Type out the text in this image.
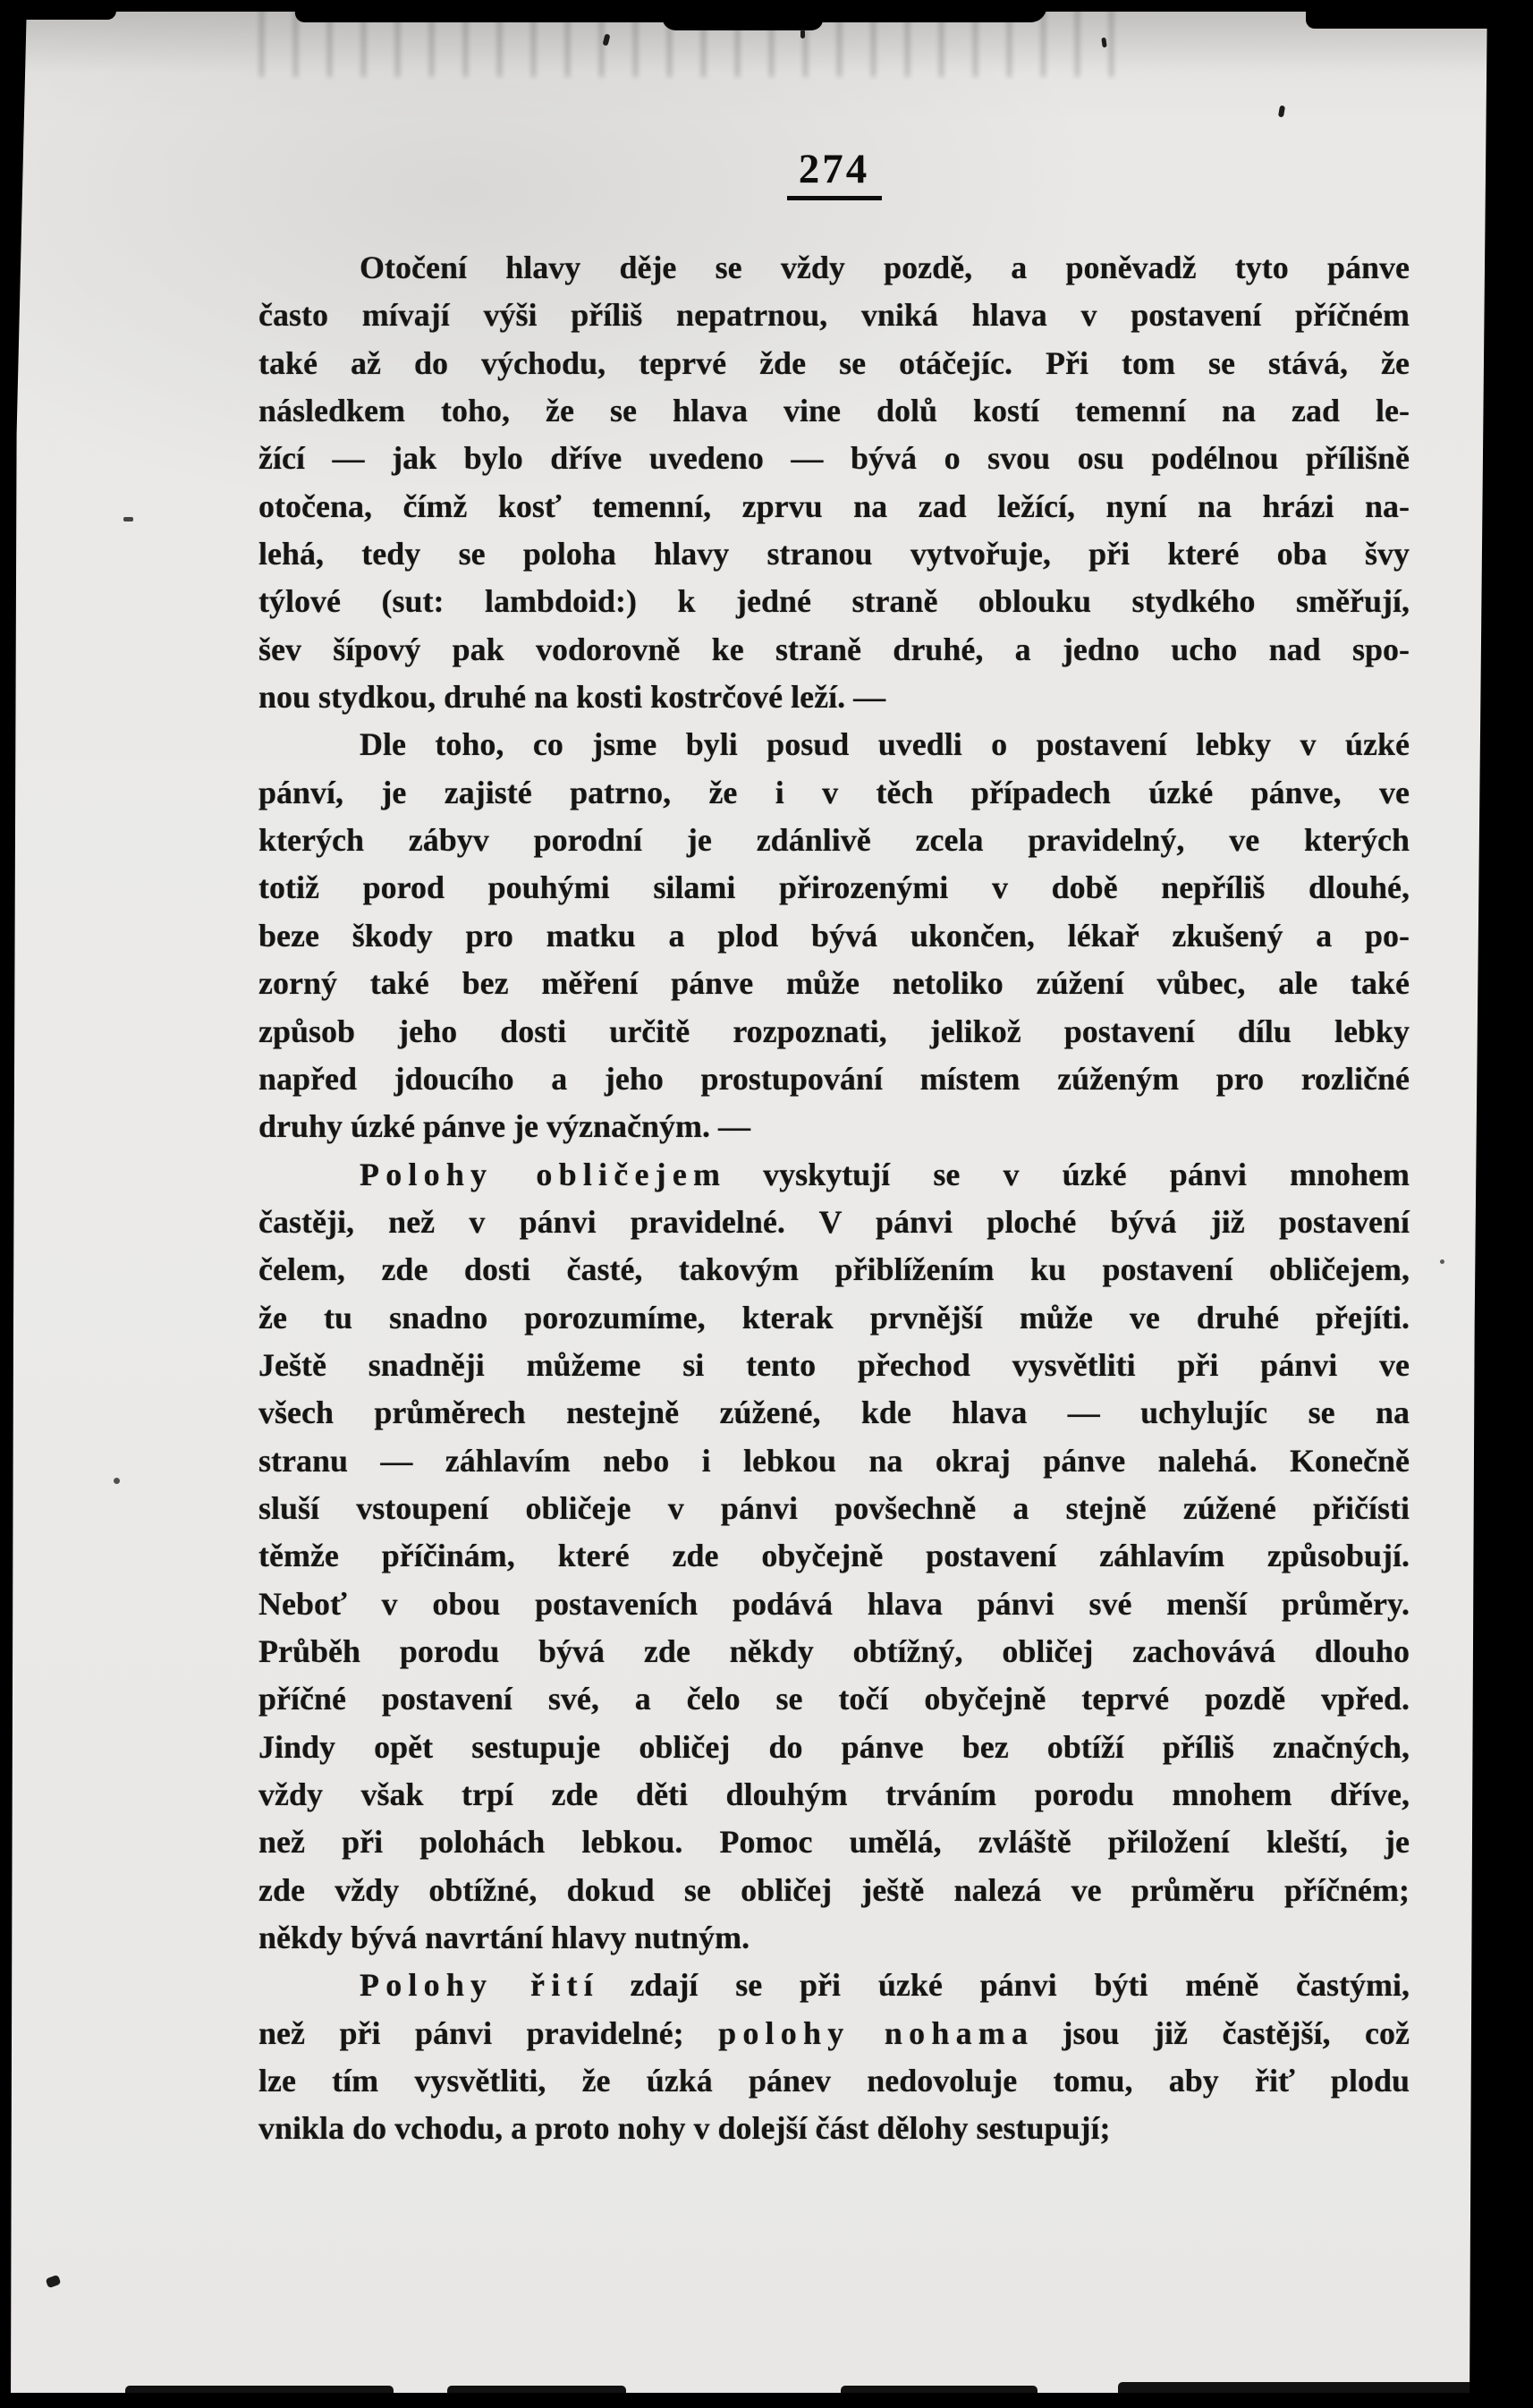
274
Otočení hlavy děje se vždy pozdě, a poněvadž tyto pánve
často mívají výši příliš nepatrnou, vniká hlava v postavení příčném
také až do východu, teprvé žde se otáčejíc. Při tom se stává, že
následkem toho, že se hlava vine dolů kostí temenní na zad le-
žící — jak bylo dříve uvedeno — bývá o svou osu podélnou přílišně
otočena, čímž kosť temenní, zprvu na zad ležící, nyní na hrázi na-
lehá, tedy se poloha hlavy stranou vytvořuje, při které oba švy
týlové (sut: lambdoid:) k jedné straně oblouku stydkého směřují,
šev šípový pak vodorovně ke straně druhé, a jedno ucho nad spo-
nou stydkou, druhé na kosti kostrčové leží. —
Dle toho, co jsme byli posud uvedli o postavení lebky v úzké
pánví, je zajisté patrno, že i v těch případech úzké pánve, ve
kterých zábyv porodní je zdánlivě zcela pravidelný, ve kterých
totiž porod pouhými silami přirozenými v době nepříliš dlouhé,
beze škody pro matku a plod bývá ukončen, lékař zkušený a po-
zorný také bez měření pánve může netoliko zúžení vůbec, ale také
způsob jeho dosti určitě rozpoznati, jelikož postavení dílu lebky
napřed jdoucího a jeho prostupování místem zúženým pro rozličné
druhy úzké pánve je význačným. —
P o l o h y  o b l i č e j e m vyskytují se v úzké pánvi mnohem
častěji, než v pánvi pravidelné. V pánvi ploché bývá již postavení
čelem, zde dosti časté, takovým přiblížením ku postavení obličejem,
že tu snadno porozumíme, kterak prvnější může ve druhé přejíti.
Ještě snadněji můžeme si tento přechod vysvětliti při pánvi ve
všech průměrech nestejně zúžené, kde hlava — uchylujíc se na
stranu — záhlavím nebo i lebkou na okraj pánve nalehá. Konečně
sluší vstoupení obličeje v pánvi povšechně a stejně zúžené přičísti
těmže příčinám, které zde obyčejně postavení záhlavím způsobují.
Neboť v obou postaveních podává hlava pánvi své menší průměry.
Průběh porodu bývá zde někdy obtížný, obličej zachovává dlouho
příčné postavení své, a čelo se točí obyčejně teprvé pozdě vpřed.
Jindy opět sestupuje obličej do pánve bez obtíží příliš značných,
vždy však trpí zde děti dlouhým trváním porodu mnohem dříve,
než při polohách lebkou. Pomoc umělá, zvláště přiložení kleští, je
zde vždy obtížné, dokud se obličej ještě nalezá ve průměru příčném;
někdy bývá navrtání hlavy nutným.
P o l o h y  ř i t í zdají se při úzké pánvi býti méně častými,
než při pánvi pravidelné; p o l o h y  n o h a m a jsou již častější, což
lze tím vysvětliti, že úzká pánev nedovoluje tomu, aby řiť plodu
vnikla do vchodu, a proto nohy v dolejší část dělohy sestupují;
